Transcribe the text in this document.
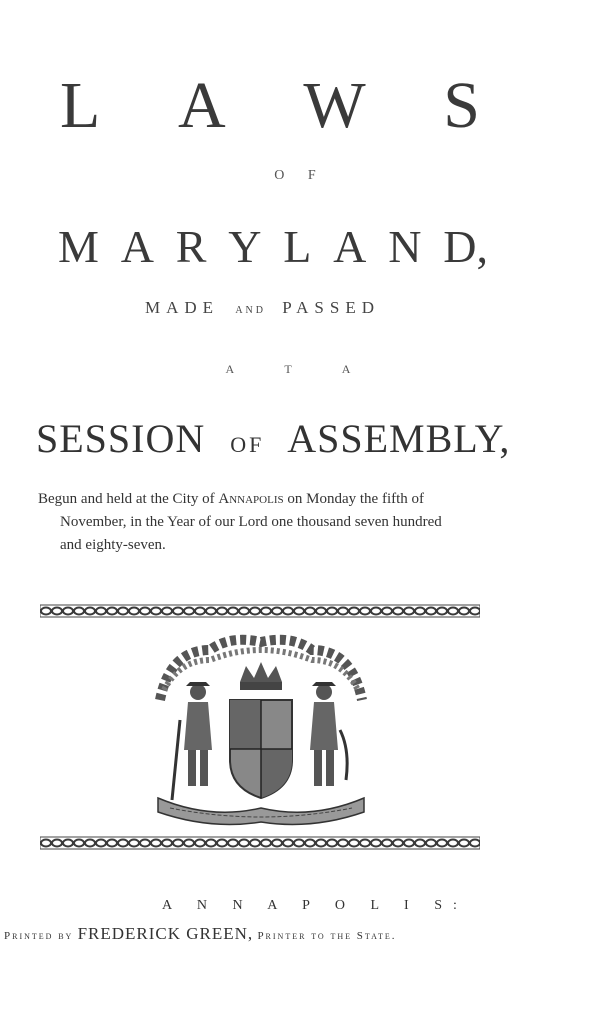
L A W S
O F
M A R Y L A N D,
MADE AND PASSED
A T A
SESSION OF ASSEMBLY,
Begun and held at the City of Annapolis on Monday the fifth of
November, in the Year of our Lord one thousand seven hundred
and eighty-seven.
A N N A P O L I S:
Printed by FREDERICK GREEN, Printer to the State.
